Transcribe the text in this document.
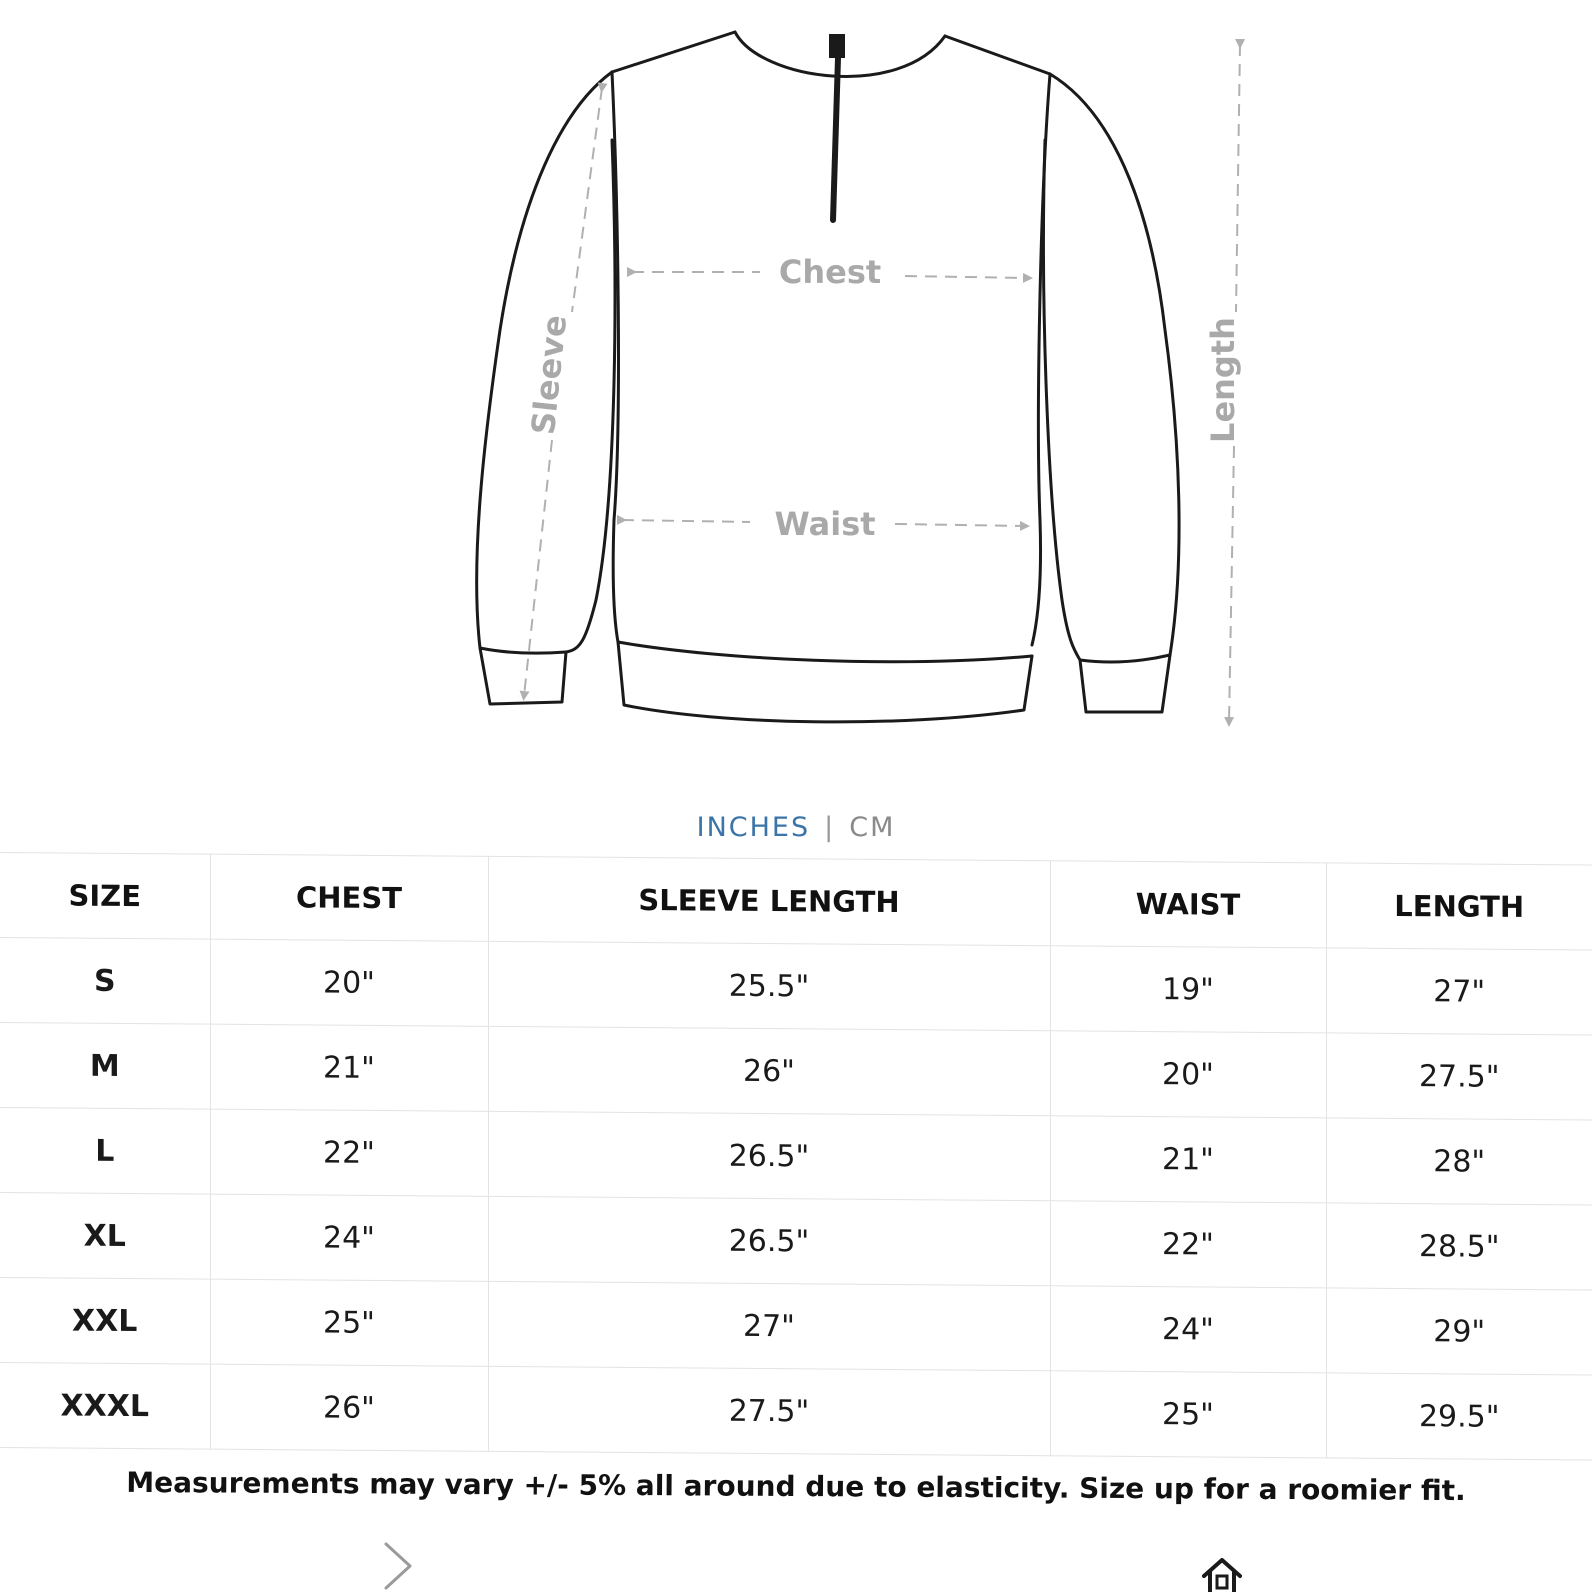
Chest
Waist
Sleeve	Length
INCHES | CM
SIZE	CHEST	SLEEVE LENGTH	WAIST	LENGTH
S	20"	25.5"	19"	27"
M	21"	26"	20"	27.5"
L	22"	26.5"	21"	28"
XL	24"	26.5"	22"	28.5"
XXL	25"	27"	24"	29"
XXXL	26"	27.5"	25"	29.5"
Measurements may vary +/- 5% all around due to elasticity. Size up for a roomier fit.
